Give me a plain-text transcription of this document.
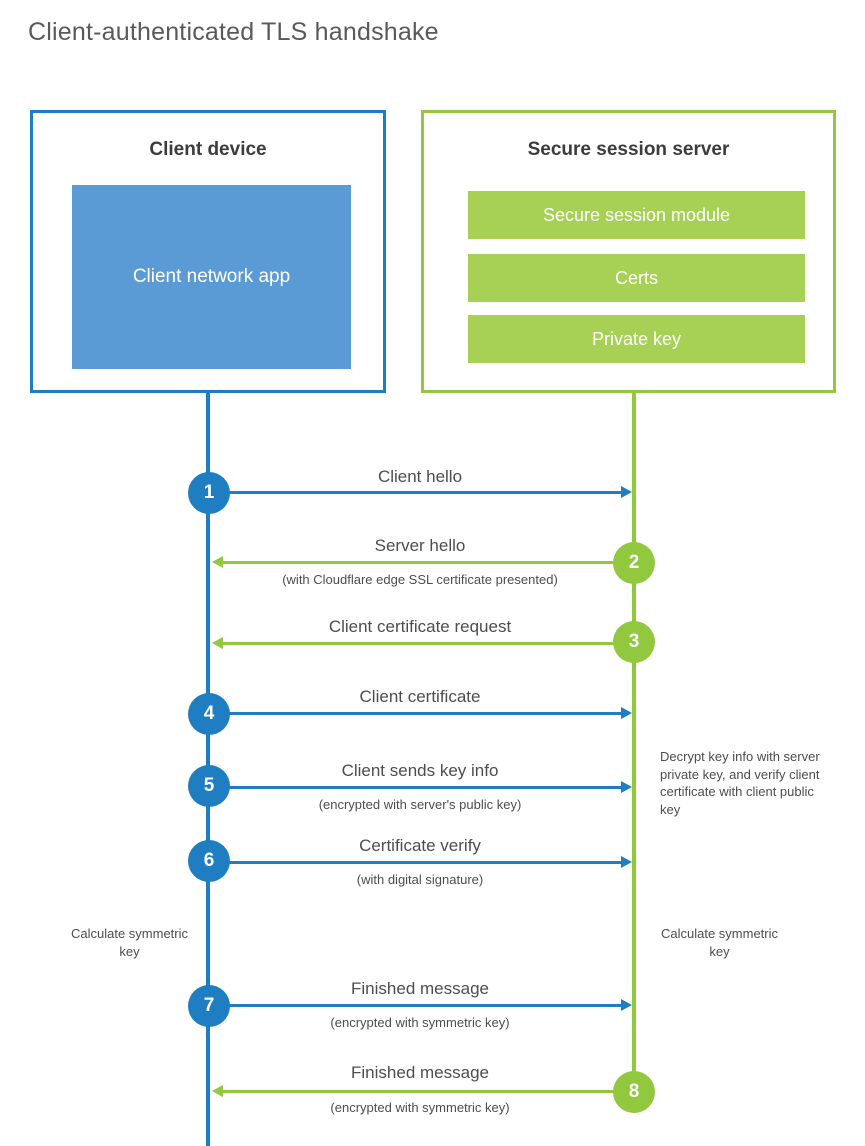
Client-authenticated TLS handshake
Client device
Client network app
Secure session server
Secure session module
Certs
Private key
Client hello
1
Server hello
(with Cloudflare edge SSL certificate presented)
2
Client certificate request
3
Client certificate
4
Client sends key info
(encrypted with server's public key)
5
Decrypt key info with server private key, and verify client certificate with client public key
Certificate verify
(with digital signature)
6
Calculate symmetric key
Calculate symmetric key
Finished message
(encrypted with symmetric key)
7
Finished message
(encrypted with symmetric key)
8
